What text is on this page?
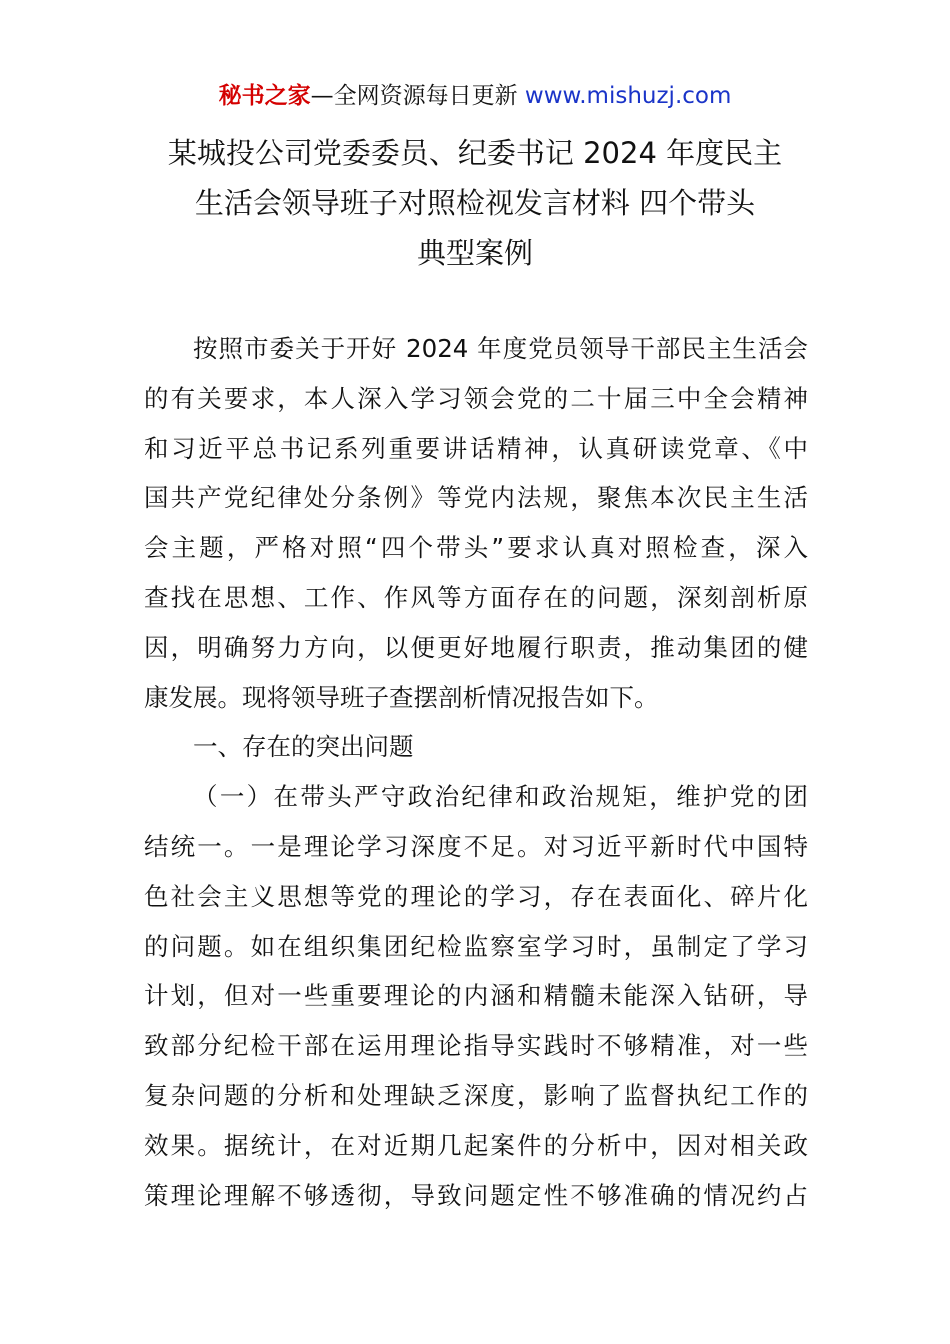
秘书之家—全网资源每日更新 www.mishuzj.com
某城投公司党委委员、纪委书记 2024 年度民主
生活会领导班子对照检视发言材料 四个带头
典型案例

按照市委关于开好 2024 年度党员领导干部民主生活会
的有关要求，本人深入学习领会党的二十届三中全会精神
和习近平总书记系列重要讲话精神，认真研读党章、《中
国共产党纪律处分条例》等党内法规，聚焦本次民主生活
会主题，严格对照“四个带头”要求认真对照检查，深入
查找在思想、工作、作风等方面存在的问题，深刻剖析原
因，明确努力方向，以便更好地履行职责，推动集团的健
康发展。现将领导班子查摆剖析情况报告如下。

一、存在的突出问题

（一）在带头严守政治纪律和政治规矩，维护党的团
结统一。一是理论学习深度不足。对习近平新时代中国特
色社会主义思想等党的理论的学习，存在表面化、碎片化
的问题。如在组织集团纪检监察室学习时，虽制定了学习
计划，但对一些重要理论的内涵和精髓未能深入钻研，导
致部分纪检干部在运用理论指导实践时不够精准，对一些
复杂问题的分析和处理缺乏深度，影响了监督执纪工作的
效果。据统计，在对近期几起案件的分析中，因对相关政
策理论理解不够透彻，导致问题定性不够准确的情况约占
